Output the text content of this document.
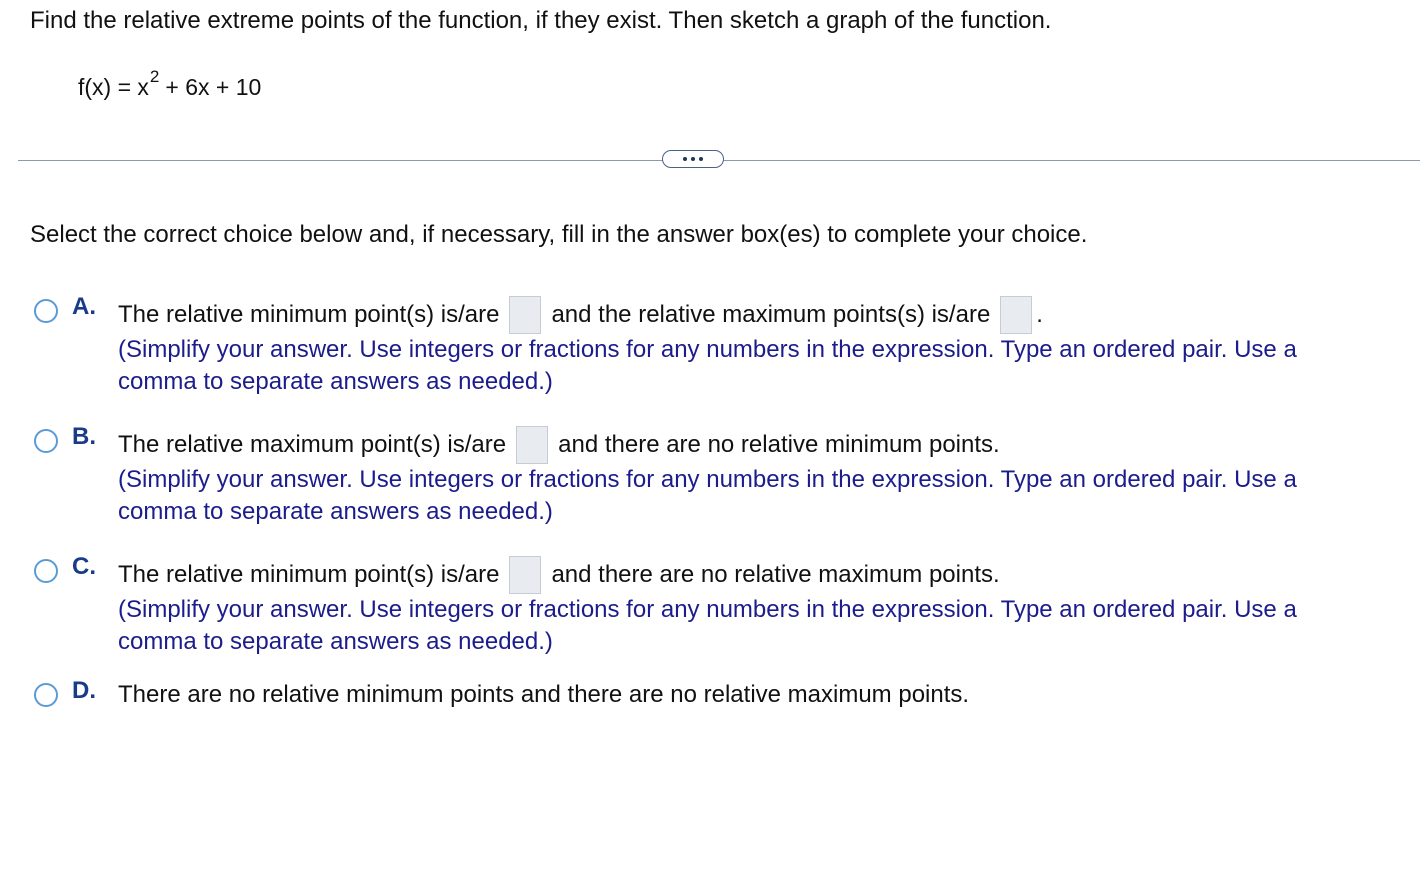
Find the relative extreme points of the function, if they exist. Then sketch a graph of the function.
$f(x) = x^2 + 6x + 10$
Select the correct choice below and, if necessary, fill in the answer box(es) to complete your choice.
A. The relative minimum point(s) is/are and the relative maximum points(s) is/are .
(Simplify your answer. Use integers or fractions for any numbers in the expression. Type an ordered pair. Use a
comma to separate answers as needed.)
B. The relative maximum point(s) is/are and there are no relative minimum points.
(Simplify your answer. Use integers or fractions for any numbers in the expression. Type an ordered pair. Use a
comma to separate answers as needed.)
C. The relative minimum point(s) is/are and there are no relative maximum points.
(Simplify your answer. Use integers or fractions for any numbers in the expression. Type an ordered pair. Use a
comma to separate answers as needed.)
D. There are no relative minimum points and there are no relative maximum points.
